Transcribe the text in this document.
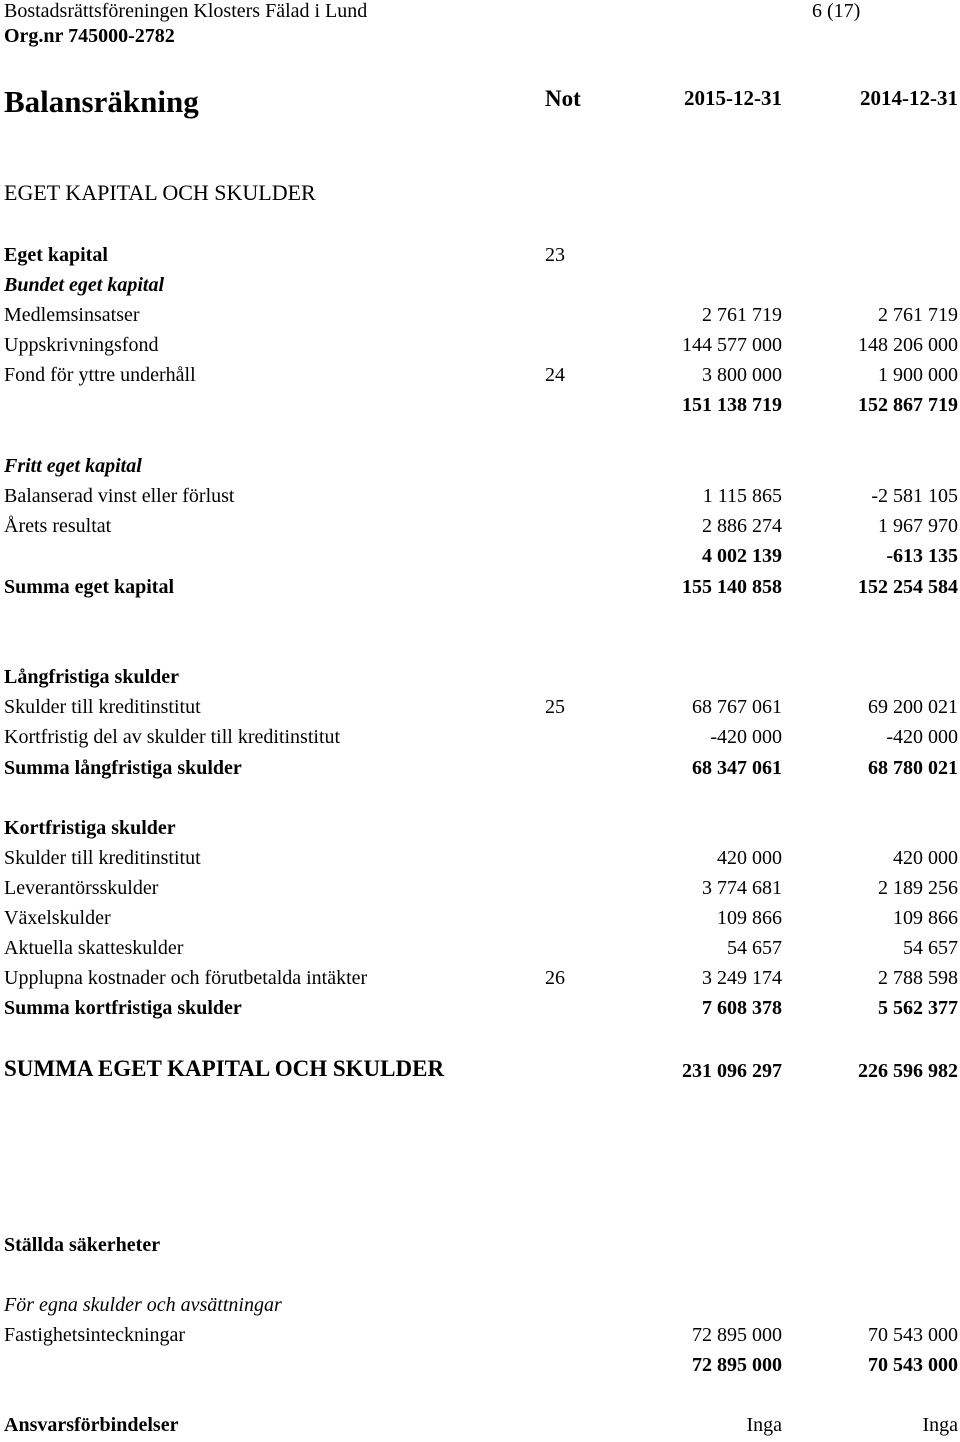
Bostadsrättsföreningen Klosters Fälad i Lund	6 (17)
Org.nr 745000-2782
Balansräkning	Not	2015-12-31	2014-12-31
EGET KAPITAL OCH SKULDER
Eget kapital	23
Bundet eget kapital
Medlemsinsatser	2 761 719	2 761 719
Uppskrivningsfond	144 577 000	148 206 000
Fond för yttre underhåll	24	3 800 000	1 900 000
151 138 719	152 867 719
Fritt eget kapital
Balanserad vinst eller förlust	1 115 865	-2 581 105
Årets resultat	2 886 274	1 967 970
4 002 139	-613 135
Summa eget kapital	155 140 858	152 254 584
Långfristiga skulder
Skulder till kreditinstitut	25	68 767 061	69 200 021
Kortfristig del av skulder till kreditinstitut	-420 000	-420 000
Summa långfristiga skulder	68 347 061	68 780 021
Kortfristiga skulder
Skulder till kreditinstitut	420 000	420 000
Leverantörsskulder	3 774 681	2 189 256
Växelskulder	109 866	109 866
Aktuella skatteskulder	54 657	54 657
Upplupna kostnader och förutbetalda intäkter	26	3 249 174	2 788 598
Summa kortfristiga skulder	7 608 378	5 562 377
SUMMA EGET KAPITAL OCH SKULDER	231 096 297	226 596 982
Ställda säkerheter
För egna skulder och avsättningar
Fastighetsinteckningar	72 895 000	70 543 000
72 895 000	70 543 000
Ansvarsförbindelser	Inga	Inga
